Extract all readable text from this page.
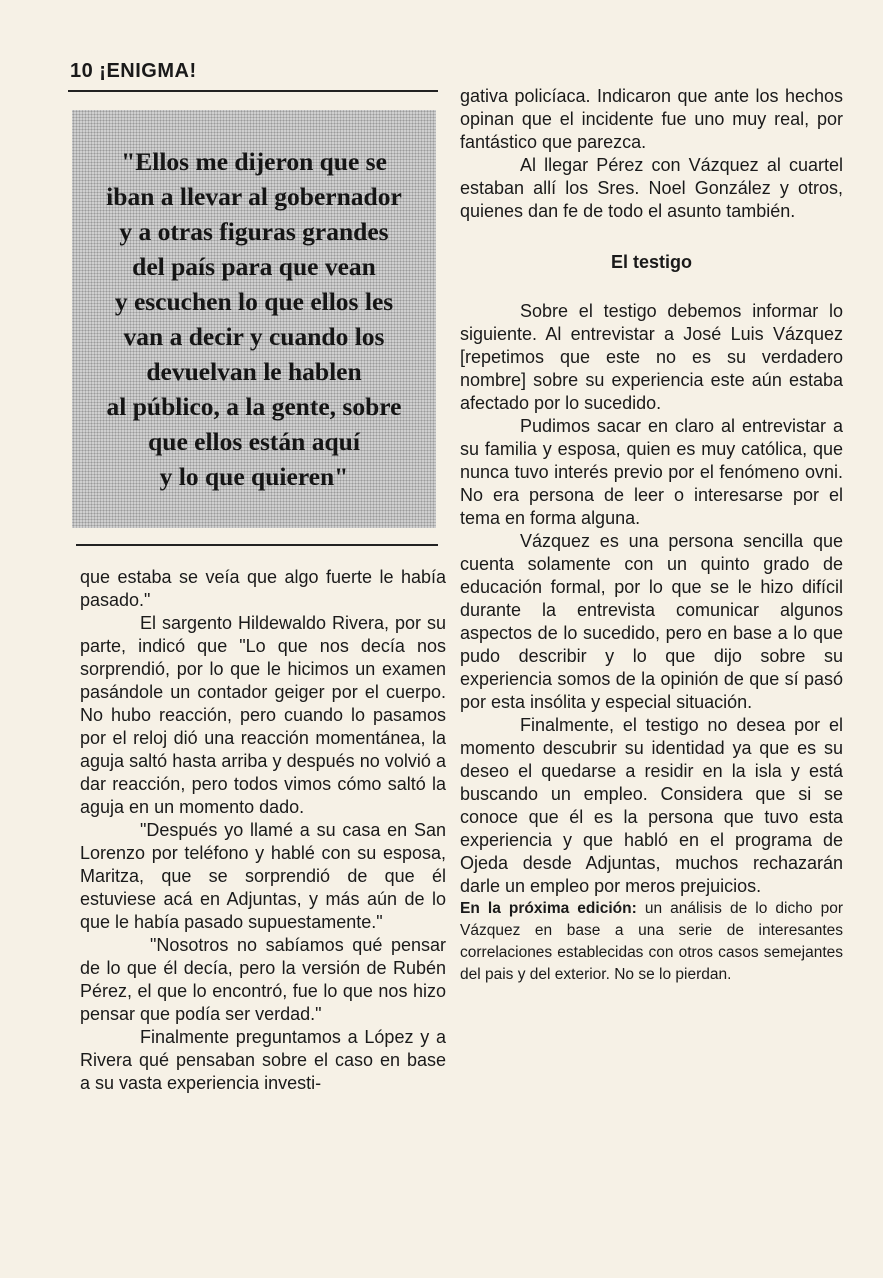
10 ¡ENIGMA!
"Ellos me dijeron que se
iban a llevar al gobernador
y a otras figuras grandes
del país para que vean
y escuchen lo que ellos les
van a decir y cuando los
devuelvan le hablen
al público, a la gente, sobre
que ellos están aquí
y lo que quieren"

que estaba se veía que algo fuerte le había pasado."

El sargento Hildewaldo Rivera, por su parte, indicó que "Lo que nos decía nos sorprendió, por lo que le hicimos un examen pasándole un contador geiger por el cuerpo. No hubo reacción, pero cuando lo pasamos por el reloj dió una reacción momentánea, la aguja saltó hasta arriba y después no volvió a dar reacción, pero todos vimos cómo saltó la aguja en un momento dado.

"Después yo llamé a su casa en San Lorenzo por teléfono y hablé con su esposa, Maritza, que se sorprendió de que él estuviese acá en Adjuntas, y más aún de lo que le había pasado supuestamente."

"Nosotros no sabíamos qué pensar de lo que él decía, pero la versión de Rubén Pérez, el que lo encontró, fue lo que nos hizo pensar que podía ser verdad."

Finalmente preguntamos a López y a Rivera qué pensaban sobre el caso en base a su vasta experiencia investi-

gativa policíaca. Indicaron que ante los hechos opinan que el incidente fue uno muy real, por fantástico que parezca.

Al llegar Pérez con Vázquez al cuartel estaban allí los Sres. Noel González y otros, quienes dan fe de todo el asunto también.

El testigo

Sobre el testigo debemos informar lo siguiente. Al entrevistar a José Luis Vázquez [repetimos que este no es su verdadero nombre] sobre su experiencia este aún estaba afectado por lo sucedido.

Pudimos sacar en claro al entrevistar a su familia y esposa, quien es muy católica, que nunca tuvo interés previo por el fenómeno ovni. No era persona de leer o interesarse por el tema en forma alguna.

Vázquez es una persona sencilla que cuenta solamente con un quinto grado de educación formal, por lo que se le hizo difícil durante la entrevista comunicar algunos aspectos de lo sucedido, pero en base a lo que pudo describir y lo que dijo sobre su experiencia somos de la opinión de que sí pasó por esta insólita y especial situación.

Finalmente, el testigo no desea por el momento descubrir su identidad ya que es su deseo el quedarse a residir en la isla y está buscando un empleo. Considera que si se conoce que él es la persona que tuvo esta experiencia y que habló en el programa de Ojeda desde Adjuntas, muchos rechazarán darle un empleo por meros prejuicios.

En la próxima edición: un análisis de lo dicho por Vázquez en base a una serie de interesantes correlaciones establecidas con otros casos semejantes del pais y del exterior. No se lo pierdan.
